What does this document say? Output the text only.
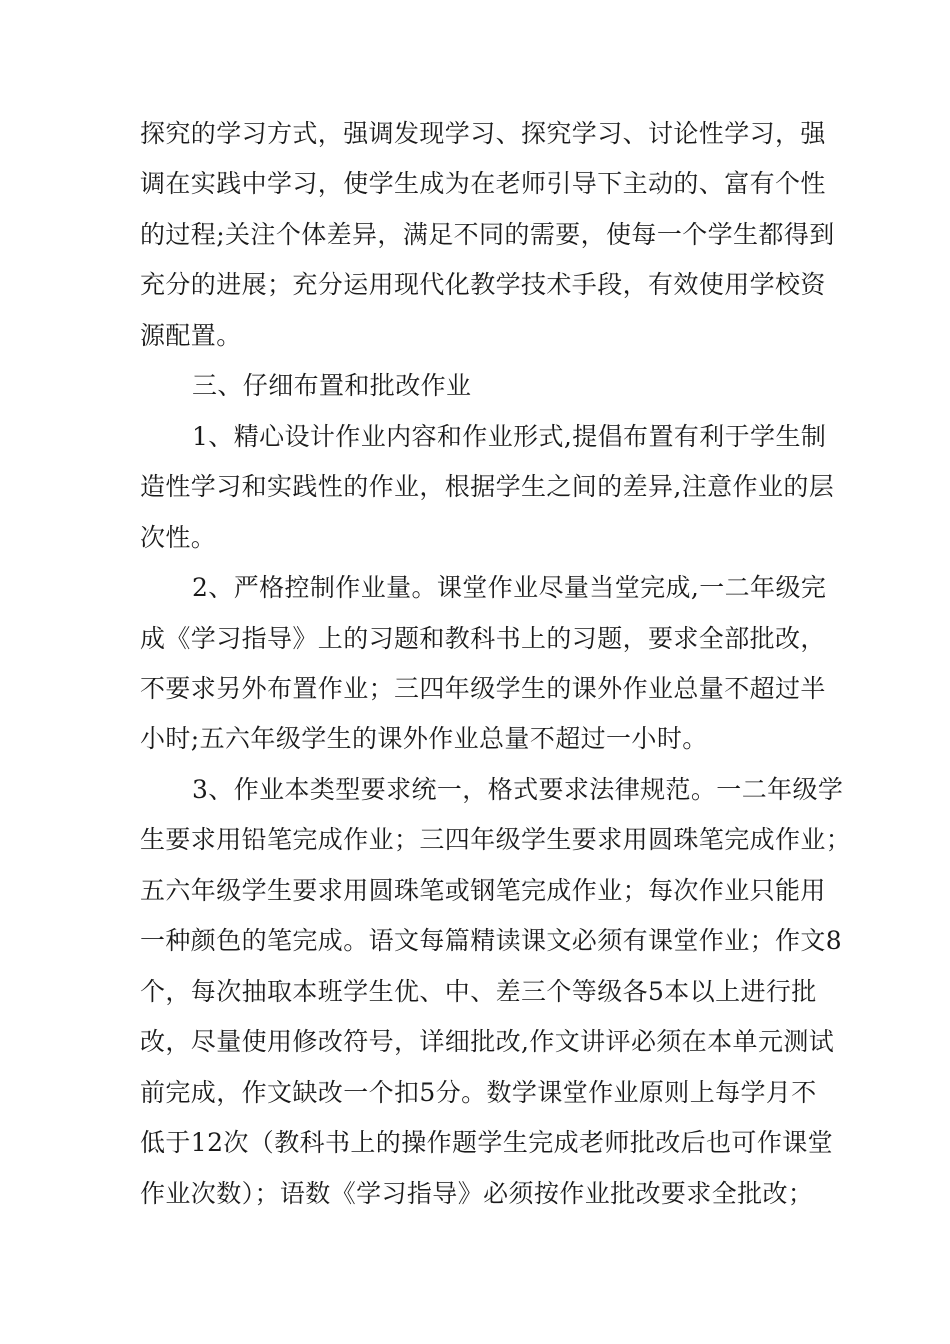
探究的学习方式，强调发现学习、探究学习、讨论性学习，强
调在实践中学习，使学生成为在老师引导下主动的、富有个性
的过程;关注个体差异，满足不同的需要，使每一个学生都得到
充分的进展；充分运用现代化教学技术手段，有效使用学校资
源配置。
三、仔细布置和批改作业
1、精心设计作业内容和作业形式,提倡布置有利于学生制
造性学习和实践性的作业，根据学生之间的差异,注意作业的层
次性。
2、严格控制作业量。课堂作业尽量当堂完成,一二年级完
成《学习指导》上的习题和教科书上的习题，要求全部批改，
不要求另外布置作业；三四年级学生的课外作业总量不超过半
小时;五六年级学生的课外作业总量不超过一小时。
3、作业本类型要求统一，格式要求法律规范。一二年级学
生要求用铅笔完成作业；三四年级学生要求用圆珠笔完成作业；
五六年级学生要求用圆珠笔或钢笔完成作业；每次作业只能用
一种颜色的笔完成。语文每篇精读课文必须有课堂作业；作文8
个，每次抽取本班学生优、中、差三个等级各5本以上进行批
改，尽量使用修改符号，详细批改,作文讲评必须在本单元测试
前完成，作文缺改一个扣5分。数学课堂作业原则上每学月不
低于12次（教科书上的操作题学生完成老师批改后也可作课堂
作业次数）；语数《学习指导》必须按作业批改要求全批改；
